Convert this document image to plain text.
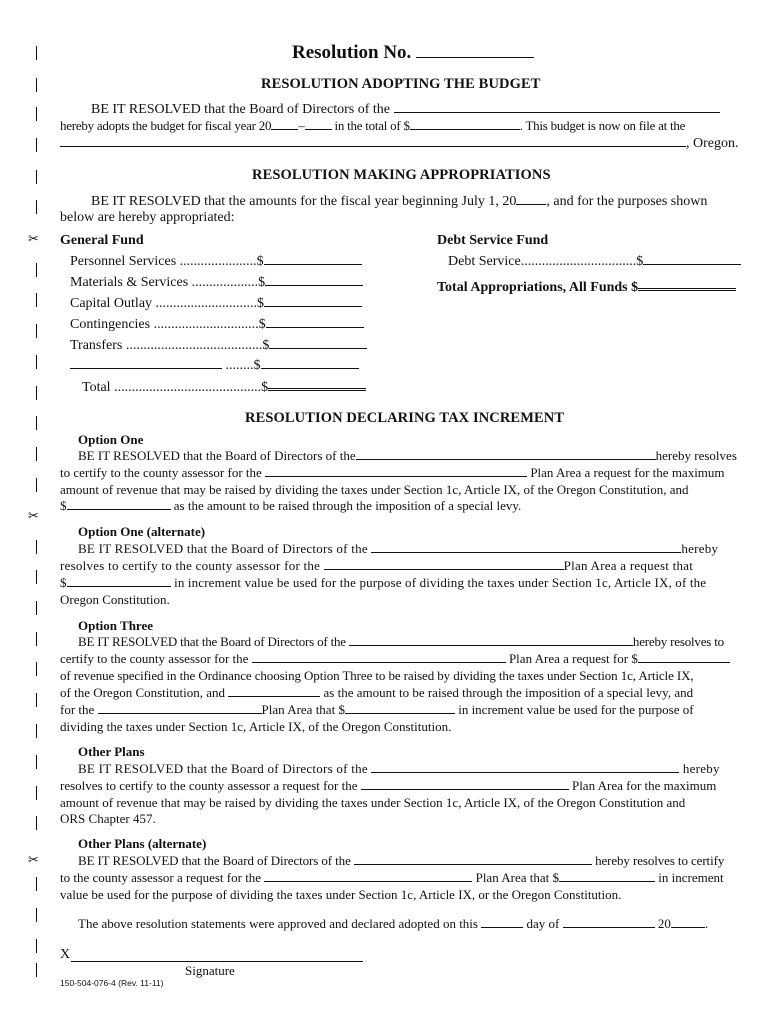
✂
✂
✂
Resolution No.
RESOLUTION ADOPTING THE BUDGET
BE IT RESOLVED that the Board of Directors of the
hereby adopts the budget for fiscal year 20 – in the total of $	. This budget is now on file at the
, Oregon.
RESOLUTION MAKING APPROPRIATIONS
BE IT RESOLVED that the amounts for the fiscal year beginning July 1, 20 , and for the purposes shown
below are hereby appropriated:
General Fund
Personnel Services ......................$
Materials & Services ...................$
Capital Outlay .............................$
Contingencies ..............................$
Transfers .......................................$
........$
Total ..........................................$
Debt Service Fund
Debt Service.................................$
Total Appropriations, All Funds $
RESOLUTION DECLARING TAX INCREMENT
Option One
BE IT RESOLVED that the Board of Directors of the	hereby resolves
to certify to the county assessor for the	Plan Area a request for the maximum
amount of revenue that may be raised by dividing the taxes under Section 1c, Article IX, of the Oregon Constitution, and
$	as the amount to be raised through the imposition of a special levy.
Option One (alternate)
BE IT RESOLVED that the Board of Directors of the	hereby
resolves to certify to the county assessor for the	Plan Area a request that
$	in increment value be used for the purpose of dividing the taxes under Section 1c, Article IX, of the
Oregon Constitution.
Option Three
BE IT RESOLVED that the Board of Directors of the	hereby resolves to
certify to the county assessor for the	Plan Area a request for $
of revenue specified in the Ordinance choosing Option Three to be raised by dividing the taxes under Section 1c, Article IX,
of the Oregon Constitution, and	as the amount to be raised through the imposition of a special levy, and
for the	Plan Area that $	in increment value be used for the purpose of
dividing the taxes under Section 1c, Article IX, of the Oregon Constitution.
Other Plans
BE IT RESOLVED that the Board of Directors of the	hereby
resolves to certify to the county assessor a request for the	Plan Area for the maximum
amount of revenue that may be raised by dividing the taxes under Section 1c, Article IX, of the Oregon Constitution and
ORS Chapter 457.
Other Plans (alternate)
BE IT RESOLVED that the Board of Directors of the	hereby resolves to certify
to the county assessor a request for the	Plan Area that $	in increment
value be used for the purpose of dividing the taxes under Section 1c, Article IX, or the Oregon Constitution.
The above resolution statements were approved and declared adopted on this	day of	20	.
X
Signature
150-504-076-4 (Rev. 11-11)
